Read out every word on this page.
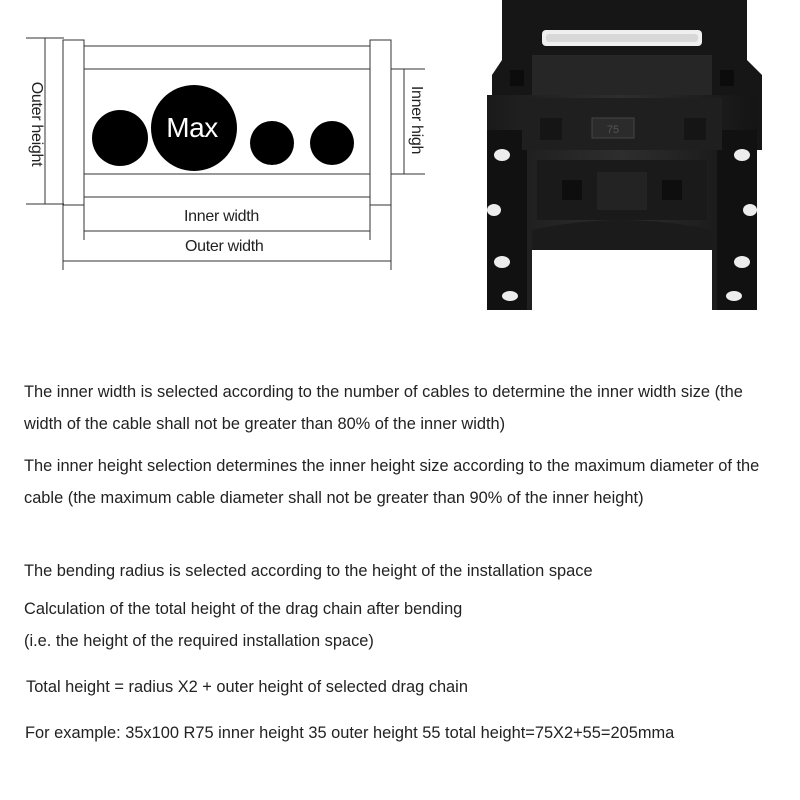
Max
Inner width
Outer width
Outer height	Inner high	75

The inner width is selected according to the number of cables to determine the inner width size (the width of the cable shall not be greater than 80% of the inner width)

The inner height selection determines the inner height size according to the maximum diameter of the cable (the maximum cable diameter shall not be greater than 90% of the inner height)

The bending radius is selected according to the height of the installation space

Calculation of the total height of the drag chain after bending

(i.e. the height of the required installation space)

Total height = radius X2 + outer height of selected drag chain

For example: 35x100 R75 inner height 35 outer height 55 total height=75X2+55=205mma
